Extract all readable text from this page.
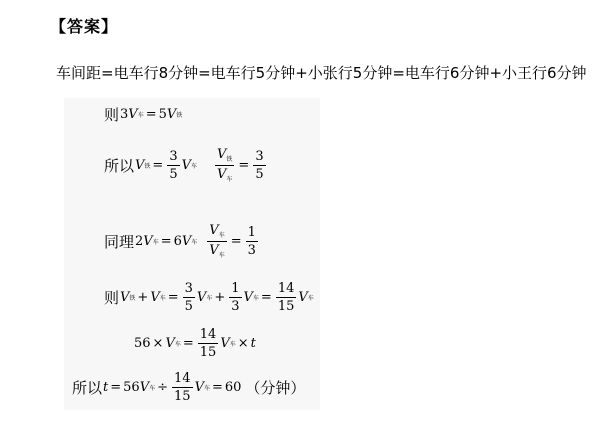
【答案】
车间距=电车行8分钟=电车行5分钟+小张行5分钟=电车行6分钟+小王行6分钟
则 3 V 车 = 5 V 铁
所以 V 铁 = $\frac{3}{5}$ V 车 $\frac{V_铁}{V_车} = \frac{3}{5}$
同理 2 V 车 = 6 V 车 $\frac{V_车}{V_车} = \frac{1}{3}$
则 V 铁 + V 车 = $\frac{3}{5}$ V 车 + $\frac{1}{3}$ V 车 = $\frac{14}{15}$ V 车
56 × V 车 = $\frac{14}{15}$ V 车 × t
所以 t = 56 V 车 ÷ $\frac{14}{15}$ V 车 = 60 （分钟）
